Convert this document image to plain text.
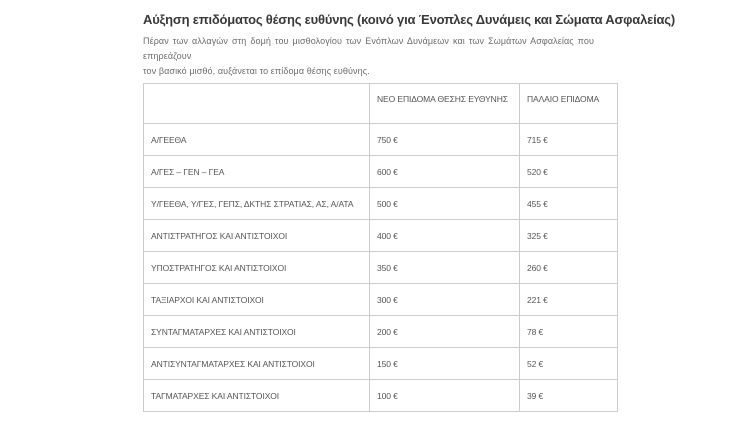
Αύξηση επιδόματος θέσης ευθύνης (κοινό για Ένοπλες Δυνάμεις και Σώματα Ασφαλείας)

Πέραν των αλλαγών στη δομή του μισθολογίου των Ενόπλων Δυνάμεων και των Σωμάτων Ασφαλείας που επηρεάζουν
τον βασικό μισθό, αυξάνεται το επίδομα θέσης ευθύνης.

	ΝΕΟ ΕΠΙΔΟΜΑ ΘΕΣΗΣ ΕΥΘΥΝΗΣ	ΠΑΛΑΙΟ ΕΠΙΔΟΜΑ
Α/ΓΕΕΘΑ	750 €	715 €
Α/ΓΕΣ – ΓΕΝ – ΓΕΑ	600 €	520 €
Υ/ΓΕΕΘΑ, Υ/ΓΕΣ, ΓΕΠΣ, ΔΚΤΗΣ ΣΤΡΑΤΙΑΣ, ΑΣ, Α/ΑΤΑ	500 €	455 €
ΑΝΤΙΣΤΡΑΤΗΓΟΣ ΚΑΙ ΑΝΤΙΣΤΟΙΧΟΙ	400 €	325 €
ΥΠΟΣΤΡΑΤΗΓΟΣ ΚΑΙ ΑΝΤΙΣΤΟΙΧΟΙ	350 €	260 €
ΤΑΞΙΑΡΧΟΙ ΚΑΙ ΑΝΤΙΣΤΟΙΧΟΙ	300 €	221 €
ΣΥΝΤΑΓΜΑΤΑΡΧΕΣ ΚΑΙ ΑΝΤΙΣΤΟΙΧΟΙ	200 €	78 €
ΑΝΤΙΣΥΝΤΑΓΜΑΤΑΡΧΕΣ ΚΑΙ ΑΝΤΙΣΤΟΙΧΟΙ	150 €	52 €
ΤΑΓΜΑΤΑΡΧΕΣ ΚΑΙ ΑΝΤΙΣΤΟΙΧΟΙ	100 €	39 €
